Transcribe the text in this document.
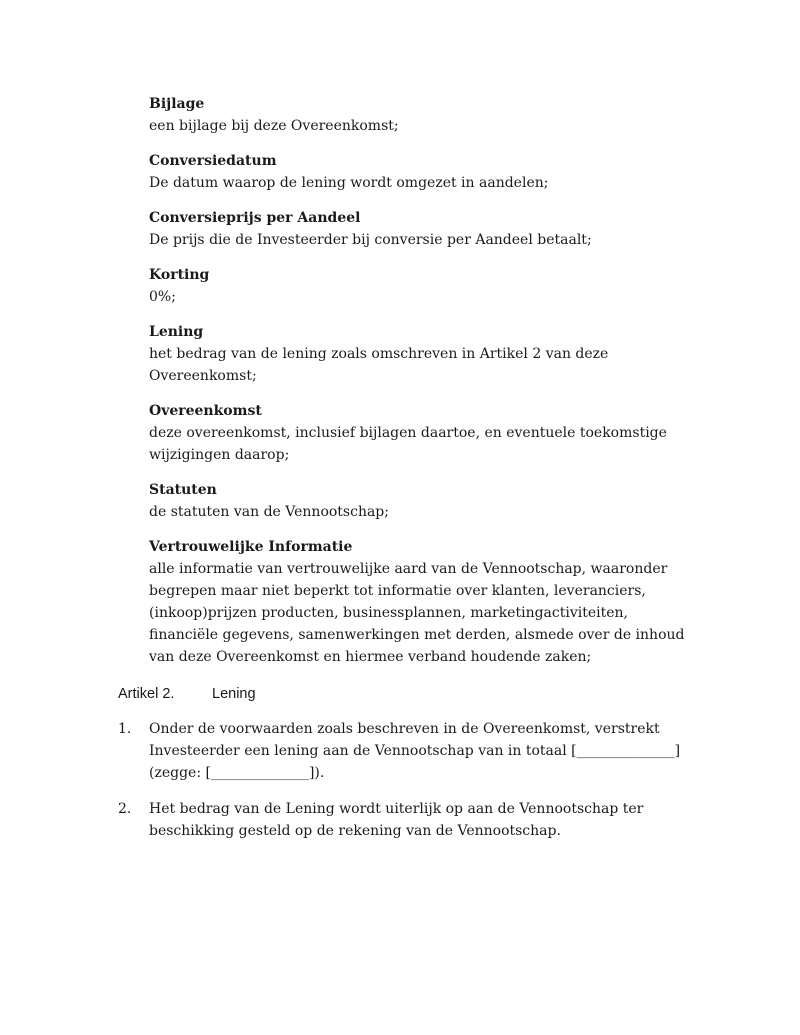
Bijlage
een bijlage bij deze Overeenkomst;
Conversiedatum
De datum waarop de lening wordt omgezet in aandelen;
Conversieprijs per Aandeel
De prijs die de Investeerder bij conversie per Aandeel betaalt;
Korting
0%;
Lening
het bedrag van de lening zoals omschreven in Artikel 2 van deze Overeenkomst;
Overeenkomst
deze overeenkomst, inclusief bijlagen daartoe, en eventuele toekomstige wijzigingen daarop;
Statuten
de statuten van de Vennootschap;
Vertrouwelijke Informatie
alle informatie van vertrouwelijke aard van de Vennootschap, waaronder begrepen maar niet beperkt tot informatie over klanten, leveranciers, (inkoop)prijzen producten, businessplannen, marketingactiviteiten, financiële gegevens, samenwerkingen met derden, alsmede over de inhoud van deze Overeenkomst en hiermee verband houdende zaken;
Artikel 2.	Lening
1.	Onder de voorwaarden zoals beschreven in de Overeenkomst, verstrekt Investeerder een lening aan de Vennootschap van in totaal [______________] (zegge: [______________]).
2.	Het bedrag van de Lening wordt uiterlijk op aan de Vennootschap ter beschikking gesteld op de rekening van de Vennootschap.
